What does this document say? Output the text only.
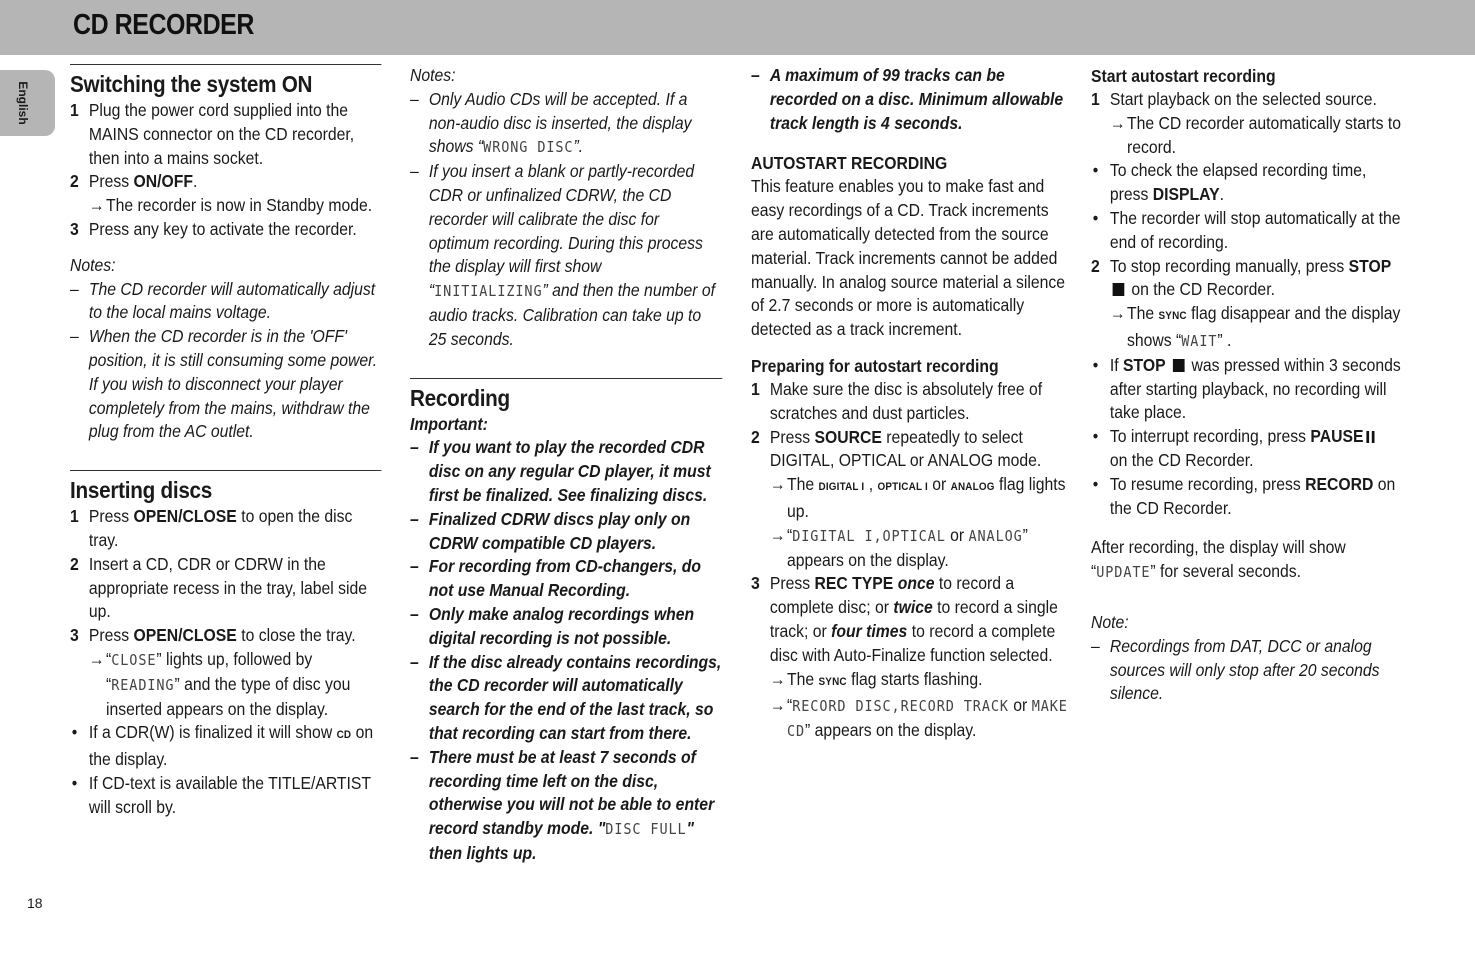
CD RECORDER
English
18
Switching the system ON
1 Plug the power cord supplied into the MAINS connector on the CD recorder, then into a mains socket.
2 Press ON/OFF.
→ The recorder is now in Standby mode.
3 Press any key to activate the recorder.
Notes:
– The CD recorder will automatically adjust to the local mains voltage.
– When the CD recorder is in the 'OFF' position, it is still consuming some power. If you wish to disconnect your player completely from the mains, withdraw the plug from the AC outlet.
Inserting discs
1 Press OPEN/CLOSE to open the disc tray.
2 Insert a CD, CDR or CDRW in the appropriate recess in the tray, label side up.
3 Press OPEN/CLOSE to close the tray.
→ “CLOSE” lights up, followed by “READING” and the type of disc you inserted appears on the display.
• If a CDR(W) is finalized it will show CD on the display.
• If CD-text is available the TITLE/ARTIST will scroll by.
Notes:
– Only Audio CDs will be accepted. If a non-audio disc is inserted, the display shows “WRONG DISC”.
– If you insert a blank or partly-recorded CDR or unfinalized CDRW, the CD recorder will calibrate the disc for optimum recording. During this process the display will first show “INITIALIZING” and then the number of audio tracks. Calibration can take up to 25 seconds.
Recording
Important:
– If you want to play the recorded CDR disc on any regular CD player, it must first be finalized. See finalizing discs.
– Finalized CDRW discs play only on CDRW compatible CD players.
– For recording from CD-changers, do not use Manual Recording.
– Only make analog recordings when digital recording is not possible.
– If the disc already contains recordings, the CD recorder will automatically search for the end of the last track, so that recording can start from there.
– There must be at least 7 seconds of recording time left on the disc, otherwise you will not be able to enter record standby mode. "DISC FULL" then lights up.
– A maximum of 99 tracks can be recorded on a disc. Minimum allowable track length is 4 seconds.
AUTOSTART RECORDING
This feature enables you to make fast and easy recordings of a CD. Track increments are automatically detected from the source material. Track increments cannot be added manually. In analog source material a silence of 2.7 seconds or more is automatically detected as a track increment.
Preparing for autostart recording
1 Make sure the disc is absolutely free of scratches and dust particles.
2 Press SOURCE repeatedly to select DIGITAL, OPTICAL or ANALOG mode.
→ The DIGITAL I , OPTICAL I or ANALOG flag lights up.
→ “DIGITAL I,OPTICAL or ANALOG” appears on the display.
3 Press REC TYPE once to record a complete disc; or twice to record a single track; or four times to record a complete disc with Auto-Finalize function selected.
→ The SYNC flag starts flashing.
→ “RECORD DISC,RECORD TRACK or MAKE CD” appears on the display.
Start autostart recording
1 Start playback on the selected source.
→ The CD recorder automatically starts to record.
• To check the elapsed recording time, press DISPLAY.
• The recorder will stop automatically at the end of recording.
2 To stop recording manually, press STOP
on the CD Recorder.
→ The SYNC flag disappear and the display shows “WAIT” .
• If STOP  was pressed within 3 seconds after starting playback, no recording will take place.
• To interrupt recording, press PAUSE
on the CD Recorder.
• To resume recording, press RECORD on the CD Recorder.
After recording, the display will show “UPDATE” for several seconds.
Note:
– Recordings from DAT, DCC or analog sources will only stop after 20 seconds silence.
